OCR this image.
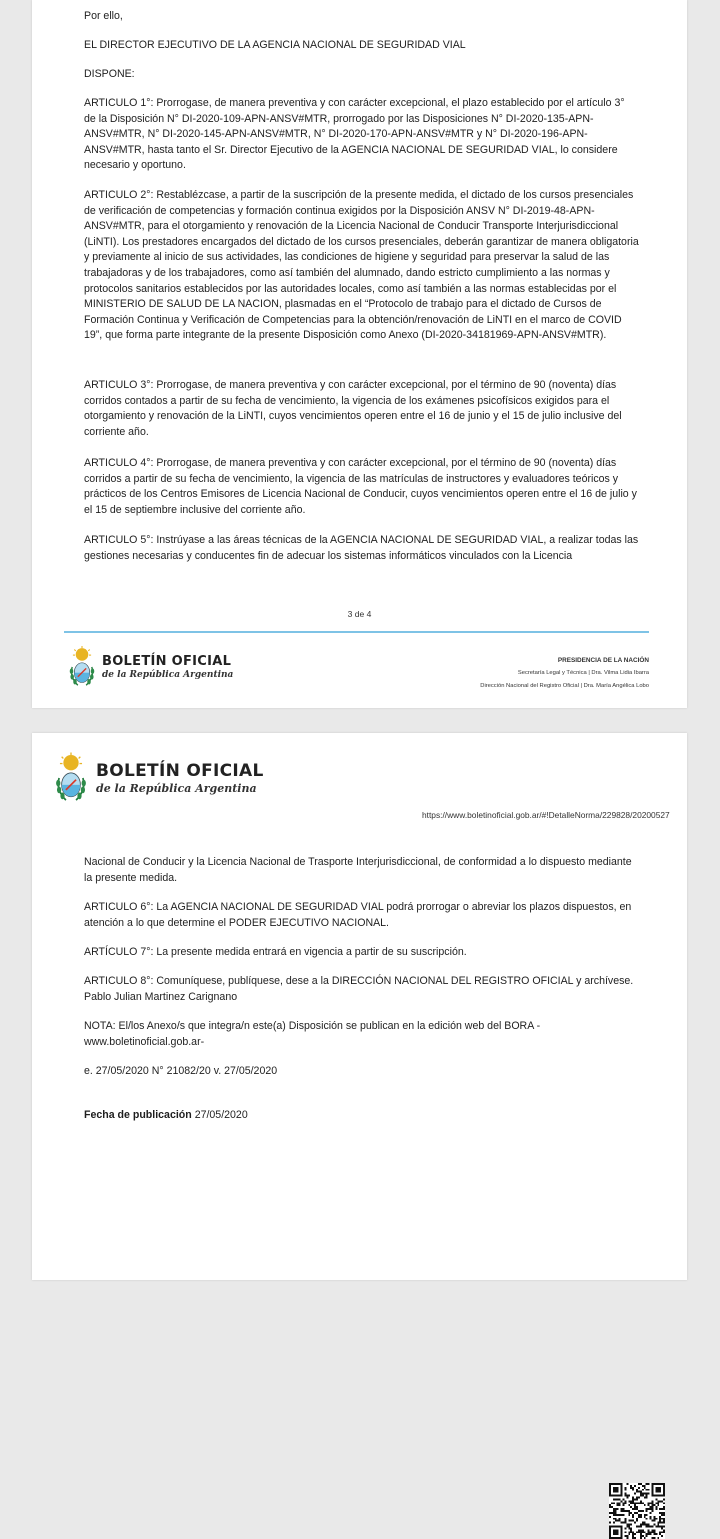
Por ello,

EL DIRECTOR EJECUTIVO DE LA AGENCIA NACIONAL DE SEGURIDAD VIAL

DISPONE:

ARTICULO 1°: Prorrogase, de manera preventiva y con carácter excepcional, el plazo establecido por el artículo 3° de la Disposición N° DI-2020-109-APN-ANSV#MTR, prorrogado por las Disposiciones N° DI-2020-135-APN-ANSV#MTR, N° DI-2020-145-APN-ANSV#MTR, N° DI-2020-170-APN-ANSV#MTR y N° DI-2020-196-APN-ANSV#MTR, hasta tanto el Sr. Director Ejecutivo de la AGENCIA NACIONAL DE SEGURIDAD VIAL, lo considere necesario y oportuno.

ARTICULO 2°: Restablézcase, a partir de la suscripción de la presente medida, el dictado de los cursos presenciales de verificación de competencias y formación continua exigidos por la Disposición ANSV N° DI-2019-48-APN-ANSV#MTR, para el otorgamiento y renovación de la Licencia Nacional de Conducir Transporte Interjurisdiccional (LiNTI). Los prestadores encargados del dictado de los cursos presenciales, deberán garantizar de manera obligatoria y previamente al inicio de sus actividades, las condiciones de higiene y seguridad para preservar la salud de las trabajadoras y de los trabajadores, como así también del alumnado, dando estricto cumplimiento a las normas y protocolos sanitarios establecidos por las autoridades locales, como así también a las normas establecidas por el MINISTERIO DE SALUD DE LA NACION, plasmadas en el “Protocolo de trabajo para el dictado de Cursos de Formación Continua y Verificación de Competencias para la obtención/renovación de LiNTI en el marco de COVID 19”, que forma parte integrante de la presente Disposición como Anexo (DI-2020-34181969-APN-ANSV#MTR).

ARTICULO 3°: Prorrogase, de manera preventiva y con carácter excepcional, por el término de 90 (noventa) días corridos contados a partir de su fecha de vencimiento, la vigencia de los exámenes psicofísicos exigidos para el otorgamiento y renovación de la LiNTI, cuyos vencimientos operen entre el 16 de junio y el 15 de julio inclusive del corriente año.

ARTICULO 4°: Prorrogase, de manera preventiva y con carácter excepcional, por el término de 90 (noventa) días corridos a partir de su fecha de vencimiento, la vigencia de las matrículas de instructores y evaluadores teóricos y prácticos de los Centros Emisores de Licencia Nacional de Conducir, cuyos vencimientos operen entre el 16 de julio y el 15 de septiembre inclusive del corriente año.

ARTICULO 5°: Instrúyase a las áreas técnicas de la AGENCIA NACIONAL DE SEGURIDAD VIAL, a realizar todas las gestiones necesarias y conducentes fin de adecuar los sistemas informáticos vinculados con la Licencia

3 de 4
BOLETÍN OFICIAL
de la República Argentina
PRESIDENCIA DE LA NACIÓN
Secretaría Legal y Técnica | Dra. Vilma Lidia Ibarra
Dirección Nacional del Registro Oficial | Dra. María Angélica Lobo
BOLETÍN OFICIAL
de la República Argentina
https://www.boletinoficial.gob.ar/#!DetalleNorma/229828/20200527

Nacional de Conducir y la Licencia Nacional de Trasporte Interjurisdiccional, de conformidad a lo dispuesto mediante la presente medida.

ARTICULO 6°: La AGENCIA NACIONAL DE SEGURIDAD VIAL podrá prorrogar o abreviar los plazos dispuestos, en atención a lo que determine el PODER EJECUTIVO NACIONAL.

ARTÍCULO 7°: La presente medida entrará en vigencia a partir de su suscripción.

ARTICULO 8°: Comuníquese, publíquese, dese a la DIRECCIÓN NACIONAL DEL REGISTRO OFICIAL y archívese. Pablo Julian Martinez Carignano

NOTA: El/los Anexo/s que integra/n este(a) Disposición se publican en la edición web del BORA -www.boletinoficial.gob.ar-

e. 27/05/2020 N° 21082/20 v. 27/05/2020

Fecha de publicación 27/05/2020
